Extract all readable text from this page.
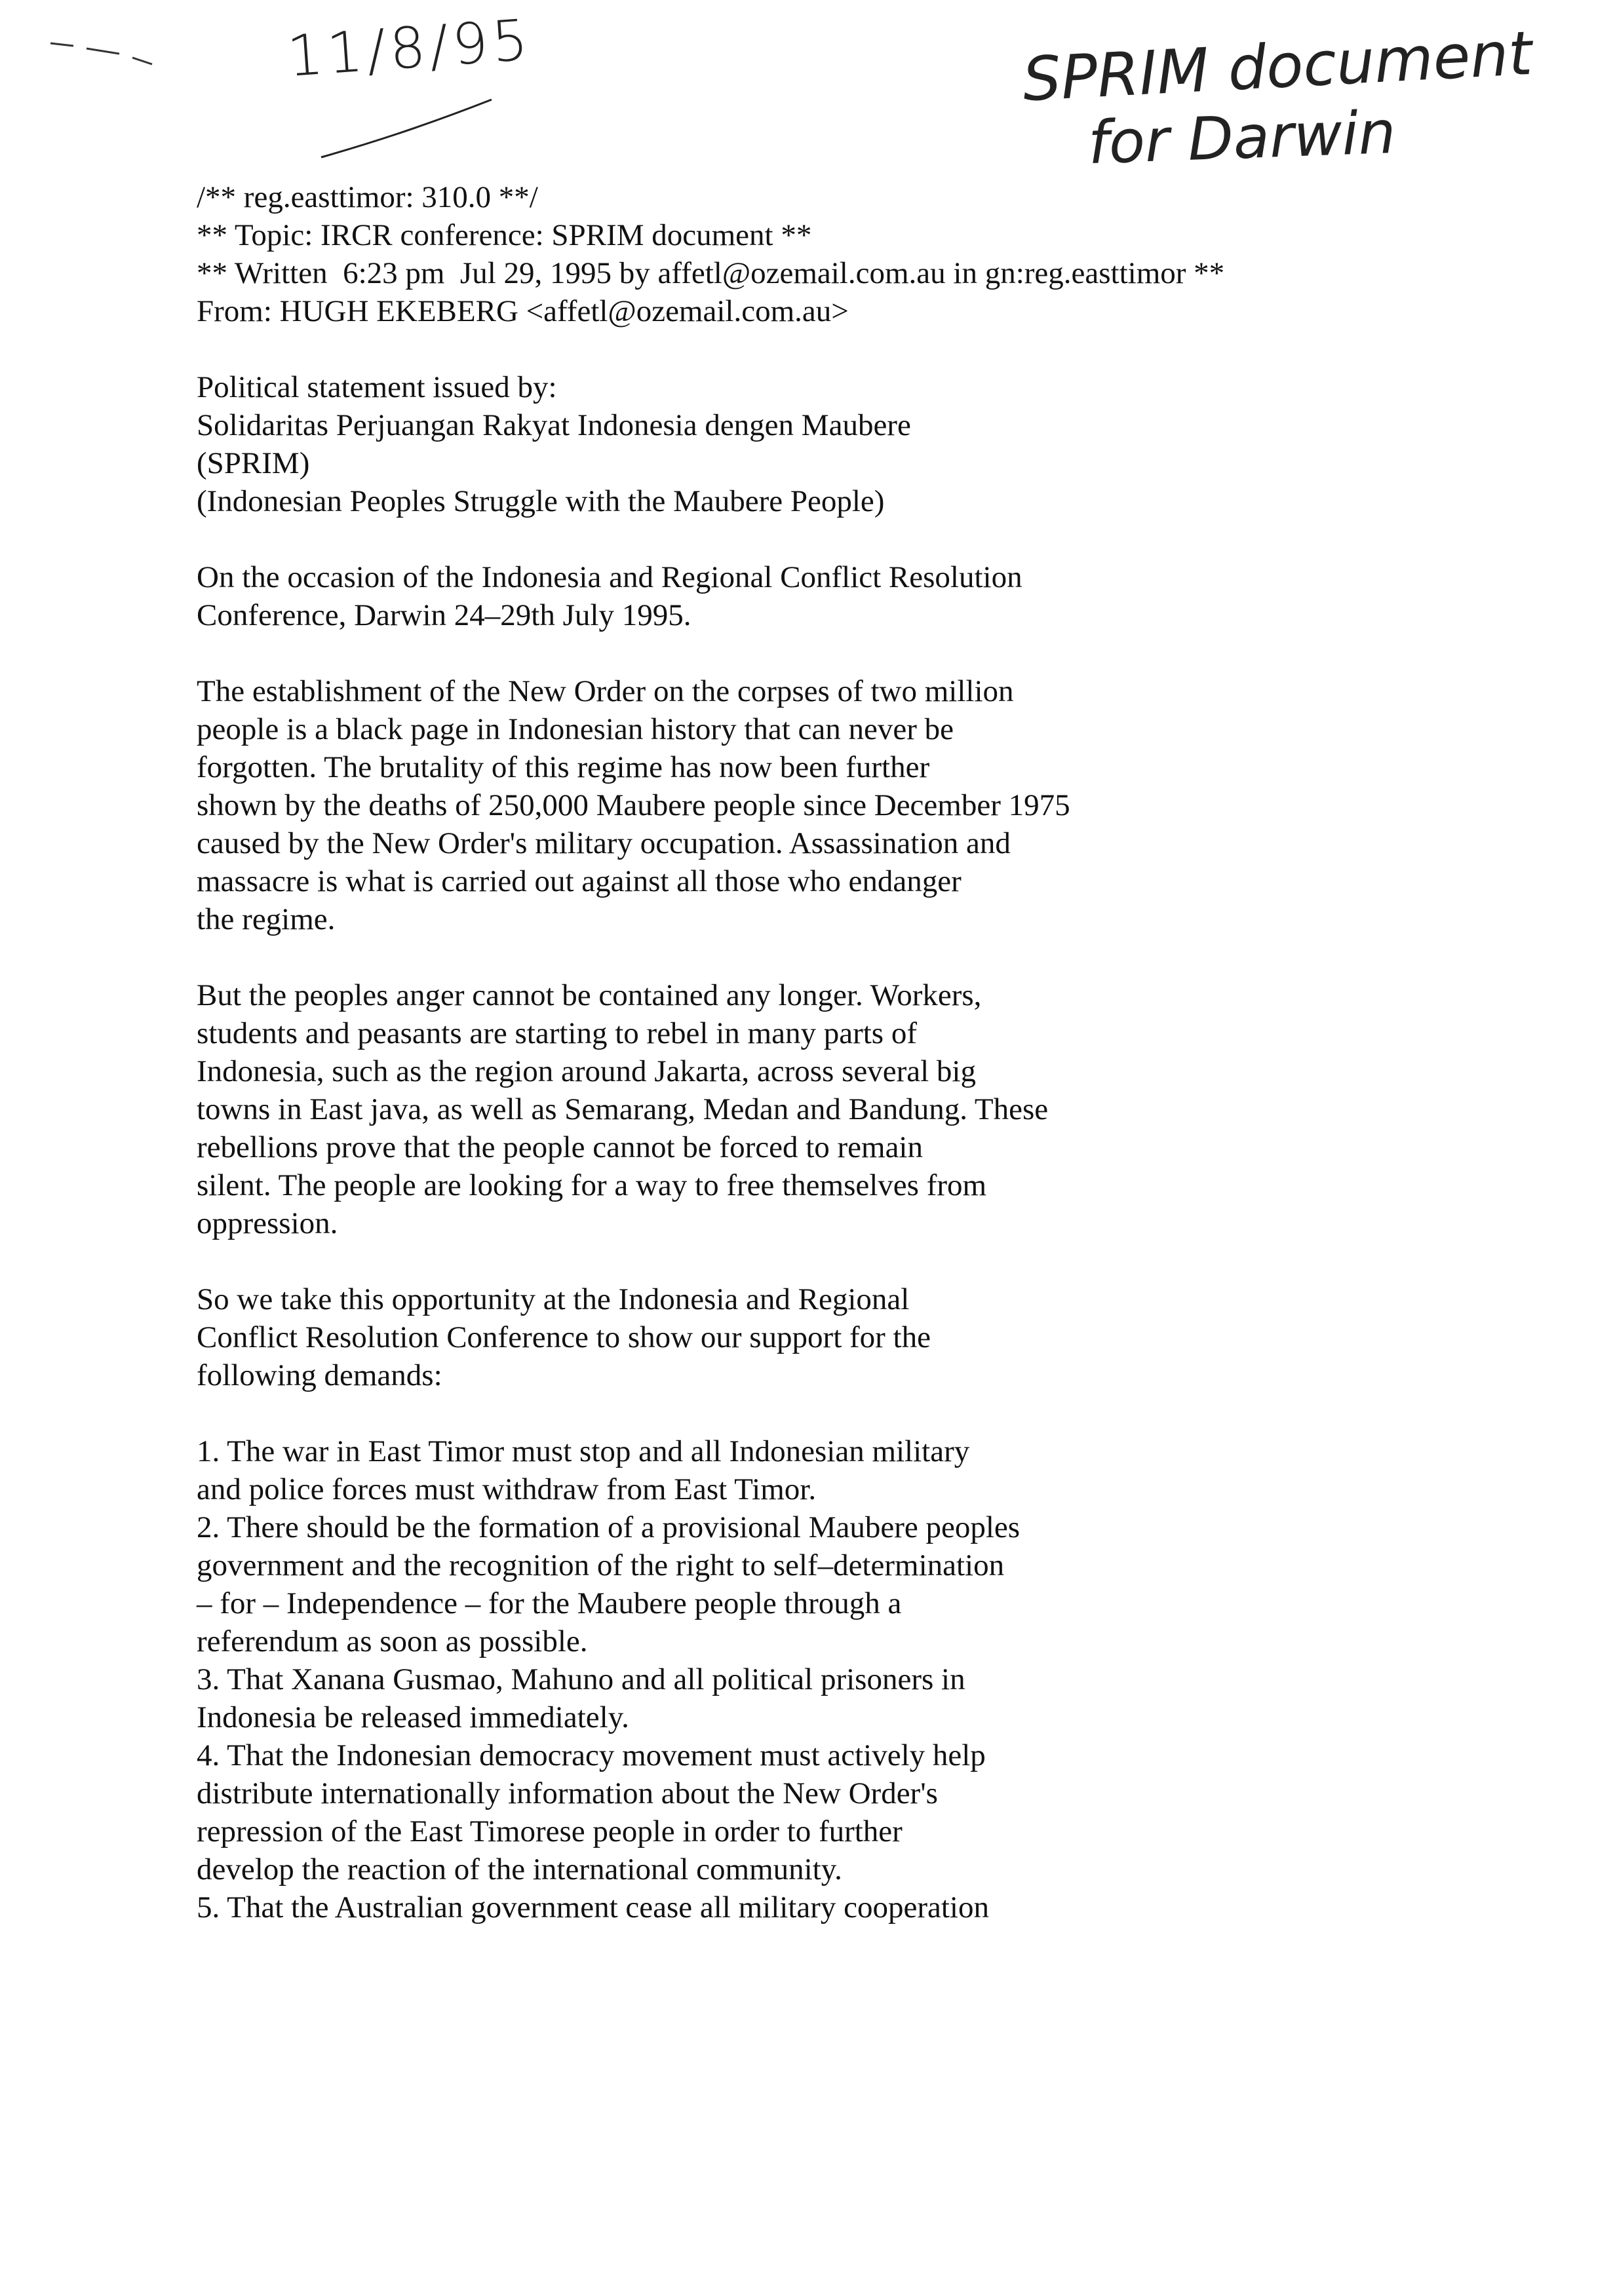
11/8/95	SPRIM document
for Darwin
/** reg.easttimor: 310.0 **/
** Topic: IRCR conference: SPRIM document **
** Written  6:23 pm  Jul 29, 1995 by affetl@ozemail.com.au in gn:reg.easttimor **
From: HUGH EKEBERG <affetl@ozemail.com.au>
Political statement issued by:
Solidaritas Perjuangan Rakyat Indonesia dengen Maubere
(SPRIM)
(Indonesian Peoples Struggle with the Maubere People)
On the occasion of the Indonesia and Regional Conflict Resolution
Conference, Darwin 24–29th July 1995.
The establishment of the New Order on the corpses of two million
people is a black page in Indonesian history that can never be
forgotten. The brutality of this regime has now been further
shown by the deaths of 250,000 Maubere people since December 1975
caused by the New Order's military occupation. Assassination and
massacre is what is carried out against all those who endanger
the regime.
But the peoples anger cannot be contained any longer. Workers,
students and peasants are starting to rebel in many parts of
Indonesia, such as the region around Jakarta, across several big
towns in East java, as well as Semarang, Medan and Bandung. These
rebellions prove that the people cannot be forced to remain
silent. The people are looking for a way to free themselves from
oppression.
So we take this opportunity at the Indonesia and Regional
Conflict Resolution Conference to show our support for the
following demands:
1. The war in East Timor must stop and all Indonesian military
and police forces must withdraw from East Timor.
2. There should be the formation of a provisional Maubere peoples
government and the recognition of the right to self–determination
– for – Independence – for the Maubere people through a
referendum as soon as possible.
3. That Xanana Gusmao, Mahuno and all political prisoners in
Indonesia be released immediately.
4. That the Indonesian democracy movement must actively help
distribute internationally information about the New Order's
repression of the East Timorese people in order to further
develop the reaction of the international community.
5. That the Australian government cease all military cooperation
